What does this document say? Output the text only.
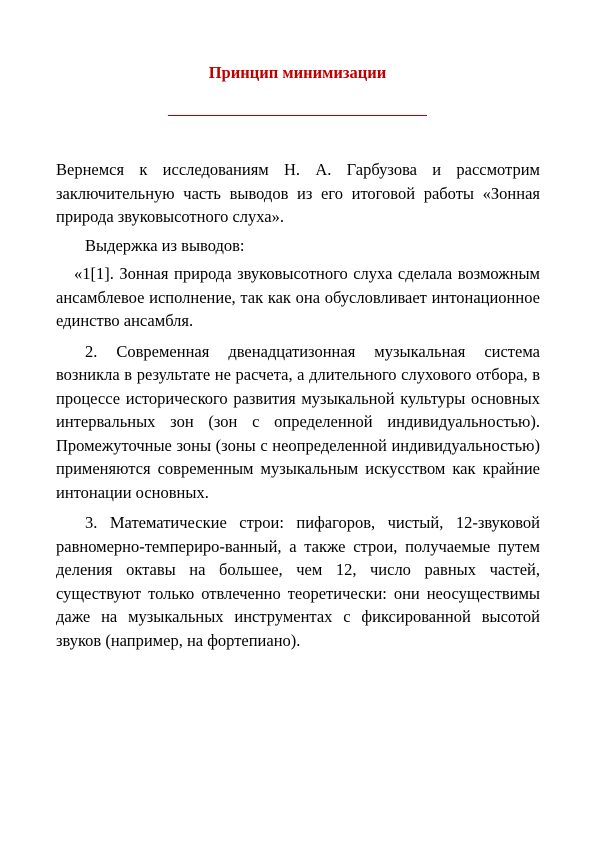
Принцип минимизации

Вернемся к исследованиям Н. А. Гарбузова и рассмотрим заключительную часть выводов из его итоговой работы «Зонная природа звуковысотного слуха».

Выдержка из выводов:

«1[1]. Зонная природа звуковысотного слуха сделала возможным ансамблевое исполнение, так как она обусловливает интонационное единство ансамбля.

2. Современная двенадцатизонная музыкальная система возникла в результате не расчета, а длительного слухового отбора, в процессе исторического развития музыкальной культуры основных интервальных зон (зон с определенной индивидуальностью). Промежуточные зоны (зоны с неопределенной индивидуальностью) применяются современным музыкальным искусством как крайние интонации основных.

3. Математические строи: пифагоров, чистый, 12-звуковой равномерно-темпериро-ванный, а также строи, получаемые путем деления октавы на большее, чем 12, число равных частей, существуют только отвлеченно теоретически: они неосуществимы даже на музыкальных инструментах с фиксированной высотой звуков (например, на фортепиано).
